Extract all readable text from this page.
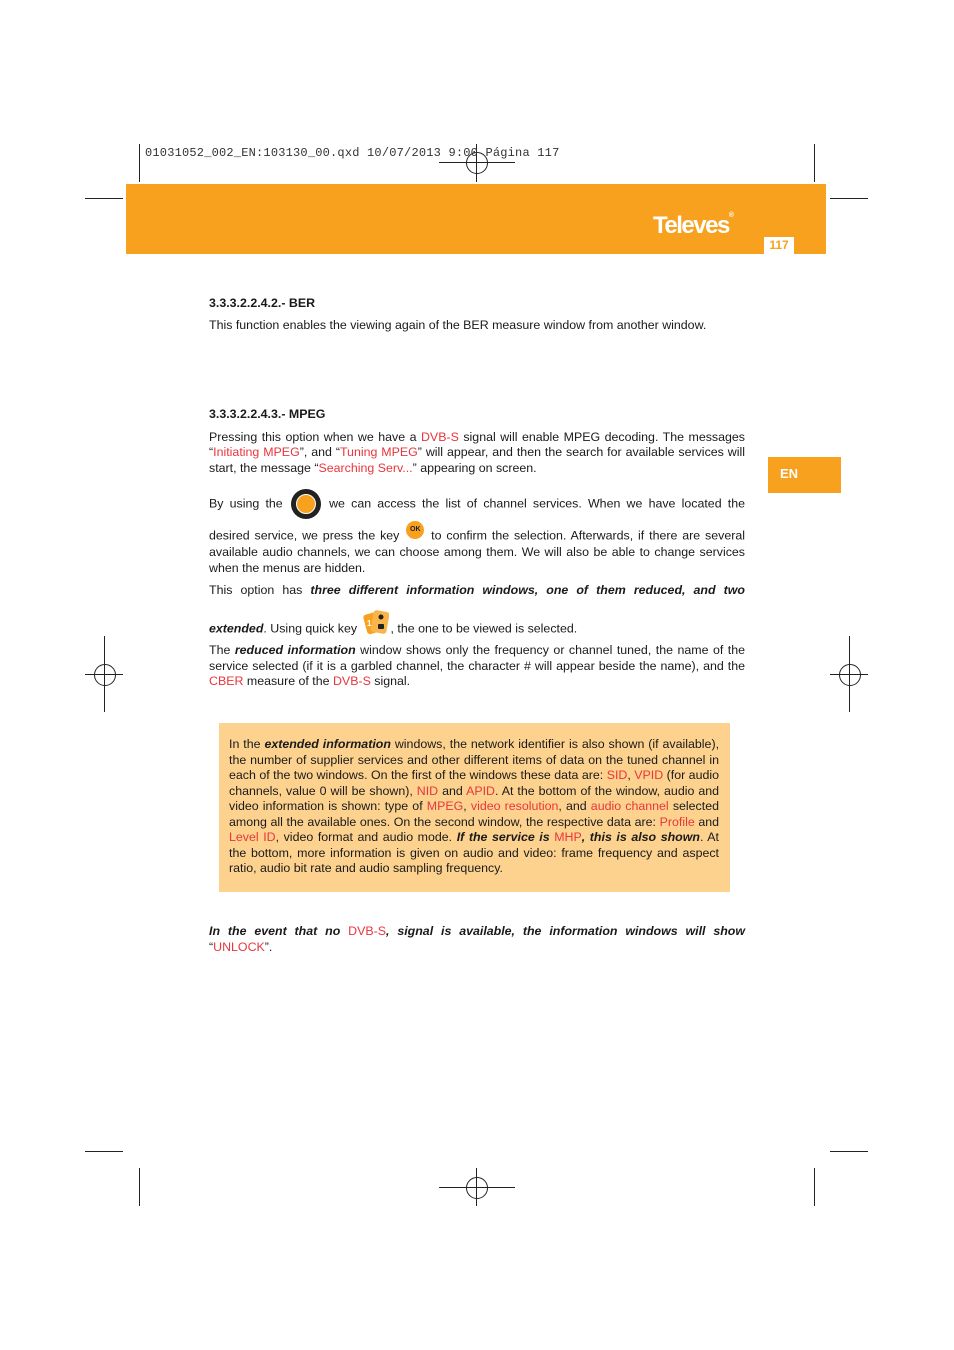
01031052_002_EN:103130_00.qxd 10/07/2013 9:00 Página 117
Televes®
117
EN
3.3.3.2.2.4.2.- BER

This function enables the viewing again of the BER measure window from another window.

3.3.3.2.2.4.3.- MPEG

Pressing this option when we have a DVB-S signal will enable MPEG decoding. The messages “Initiating MPEG”, and “Tuning MPEG” will appear, and then the search for available services will start, the message “Searching Serv...” appearing on screen.

By using the	we can access the list of channel services. When we have located the

desired service, we press the key OK to confirm the selection. Afterwards, if there are several available audio channels, we can choose among them. We will also be able to change services when the menus are hidden.

This option has three different information windows, one of them reduced, and two

extended. Using quick key 1 , the one to be viewed is selected.

The reduced information window shows only the frequency or channel tuned, the name of the service selected (if it is a garbled channel, the character # will appear beside the name), and the CBER measure of the DVB-S signal.

In the extended information windows, the network identifier is also shown (if available), the number of supplier services and other different items of data on the tuned channel in each of the two windows. On the first of the windows these data are: SID, VPID (for audio channels, value 0 will be shown), NID and APID. At the bottom of the window, audio and video information is shown: type of MPEG, video resolution, and audio channel selected among all the available ones. On the second window, the respective data are: Profile and Level ID, video format and audio mode. If the service is MHP, this is also shown. At the bottom, more information is given on audio and video: frame frequency and aspect ratio, audio bit rate and audio sampling frequency.

In the event that no DVB-S, signal is available, the information windows will show “UNLOCK”.
